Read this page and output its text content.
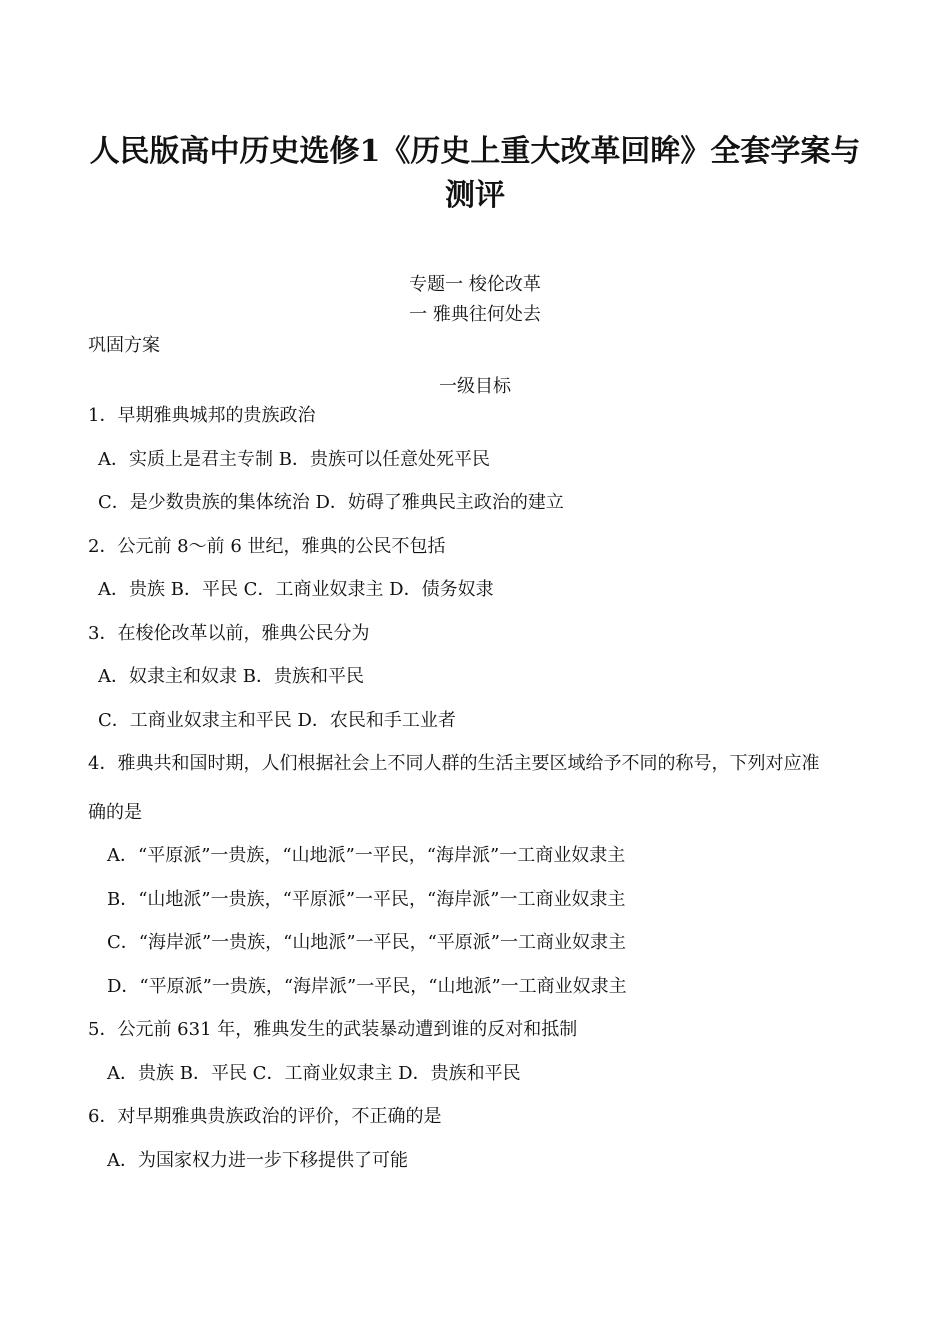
人民版高中历史选修1《历史上重大改革回眸》全套学案与
测评
专题一 梭伦改革
一 雅典往何处去
巩固方案
一级目标
1．早期雅典城邦的贵族政治
A．实质上是君主专制 B．贵族可以任意处死平民
C．是少数贵族的集体统治 D．妨碍了雅典民主政治的建立
2．公元前 8～前 6 世纪，雅典的公民不包括
A．贵族 B．平民 C．工商业奴隶主 D．债务奴隶
3．在梭伦改革以前，雅典公民分为
A．奴隶主和奴隶 B．贵族和平民
C．工商业奴隶主和平民 D．农民和手工业者
4．雅典共和国时期，人们根据社会上不同人群的生活主要区域给予不同的称号，下列对应准
确的是
A．“平原派”一贵族，“山地派”一平民，“海岸派”一工商业奴隶主
B．“山地派”一贵族，“平原派”一平民，“海岸派”一工商业奴隶主
C．“海岸派”一贵族，“山地派”一平民，“平原派”一工商业奴隶主
D．“平原派”一贵族，“海岸派”一平民，“山地派”一工商业奴隶主
5．公元前 631 年，雅典发生的武装暴动遭到谁的反对和抵制
A．贵族 B．平民 C．工商业奴隶主 D．贵族和平民
6．对早期雅典贵族政治的评价，不正确的是
A．为国家权力进一步下移提供了可能
